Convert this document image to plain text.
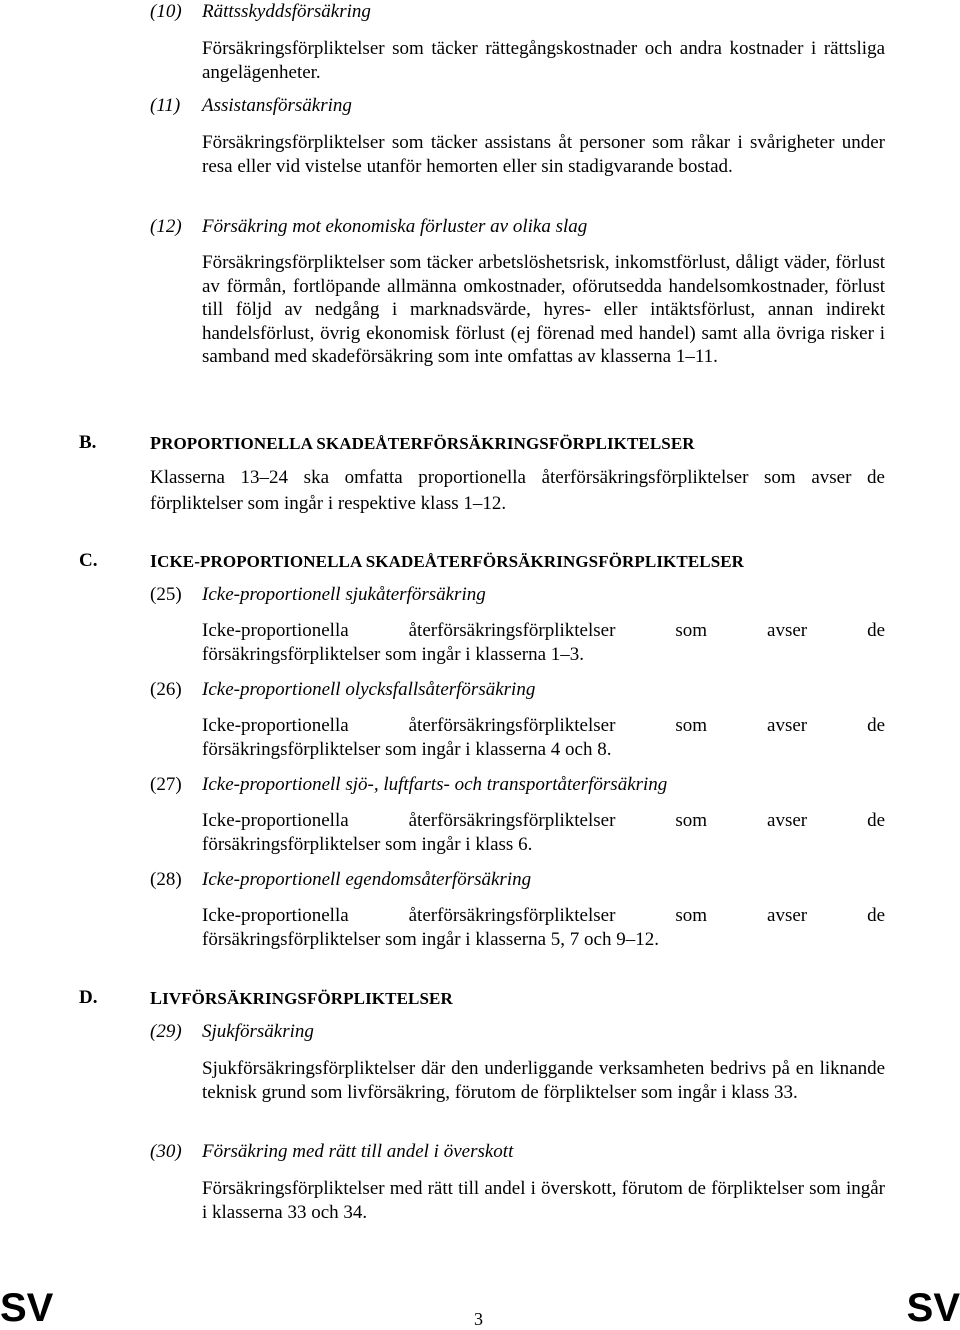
(10) Rättsskyddsförsäkring
Försäkringsförpliktelser som täcker rättegångskostnader och andra kostnader i rättsliga angelägenheter.
(11) Assistansförsäkring
Försäkringsförpliktelser som täcker assistans åt personer som råkar i svårigheter under resa eller vid vistelse utanför hemorten eller sin stadigvarande bostad.
(12) Försäkring mot ekonomiska förluster av olika slag
Försäkringsförpliktelser som täcker arbetslöshetsrisk, inkomstförlust, dåligt väder, förlust av förmån, fortlöpande allmänna omkostnader, oförutsedda handelsomkostnader, förlust till följd av nedgång i marknadsvärde, hyres- eller intäktsförlust, annan indirekt handelsförlust, övrig ekonomisk förlust (ej förenad med handel) samt alla övriga risker i samband med skadeförsäkring som inte omfattas av klasserna 1–11.
B.	PROPORTIONELLA SKADEÅTERFÖRSÄKRINGSFÖRPLIKTELSER
Klasserna 13–24 ska omfatta proportionella återförsäkringsförpliktelser som avser de förpliktelser som ingår i respektive klass 1–12.
C.	ICKE-PROPORTIONELLA SKADEÅTERFÖRSÄKRINGSFÖRPLIKTELSER
(25) Icke-proportionell sjukåterförsäkring
Icke-proportionella	återförsäkringsförpliktelser	som	avser	de
försäkringsförpliktelser som ingår i klasserna 1–3.
(26) Icke-proportionell olycksfallsåterförsäkring
Icke-proportionella	återförsäkringsförpliktelser	som	avser	de
försäkringsförpliktelser som ingår i klasserna 4 och 8.
(27) Icke-proportionell sjö-, luftfarts- och transportåterförsäkring
Icke-proportionella	återförsäkringsförpliktelser	som	avser	de
försäkringsförpliktelser som ingår i klass 6.
(28) Icke-proportionell egendomsåterförsäkring
Icke-proportionella	återförsäkringsförpliktelser	som	avser	de
försäkringsförpliktelser som ingår i klasserna 5, 7 och 9–12.
D.	LIVFÖRSÄKRINGSFÖRPLIKTELSER
(29) Sjukförsäkring
Sjukförsäkringsförpliktelser där den underliggande verksamheten bedrivs på en liknande teknisk grund som livförsäkring, förutom de förpliktelser som ingår i klass 33.
(30) Försäkring med rätt till andel i överskott
Försäkringsförpliktelser med rätt till andel i överskott, förutom de förpliktelser som ingår i klasserna 33 och 34.
SV	3	SV
